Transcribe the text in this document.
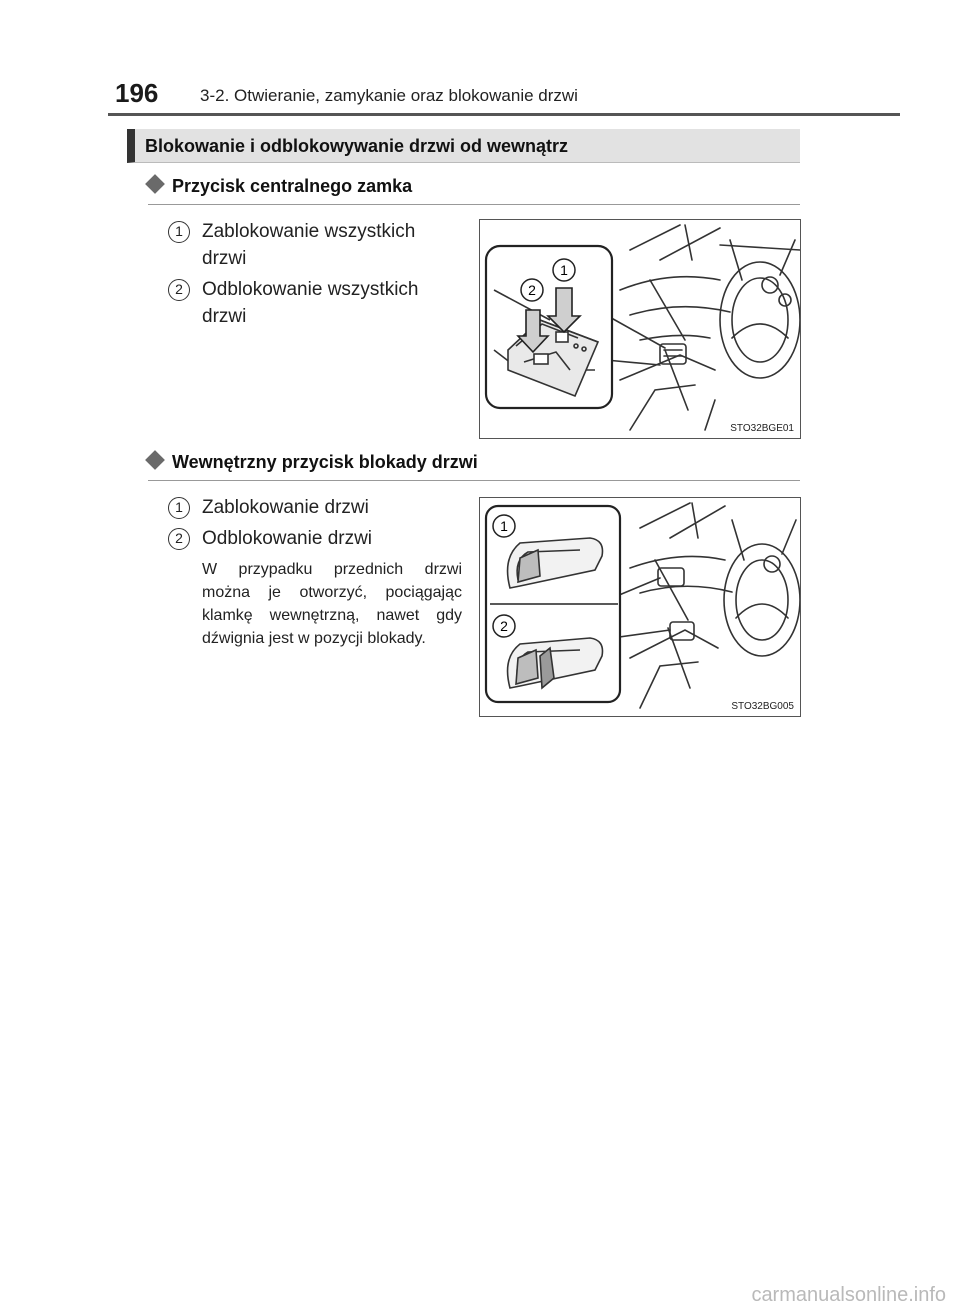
196 3-2. Otwieranie, zamykanie oraz blokowanie drzwi
Blokowanie i odblokowywanie drzwi od wewnątrz
Przycisk centralnego zamka
1	Zablokowanie wszystkich drzwi
2	Odblokowanie wszystkich drzwi
1
2
STO32BGE01
Wewnętrzny przycisk blokady drzwi
1	Zablokowanie drzwi
2	Odblokowanie drzwi
W przypadku przednich drzwi można je otworzyć, pociągając klamkę wewnętrzną, nawet gdy dźwignia jest w pozycji blokady.
1
2
STO32BG005
carmanualsonline.info
